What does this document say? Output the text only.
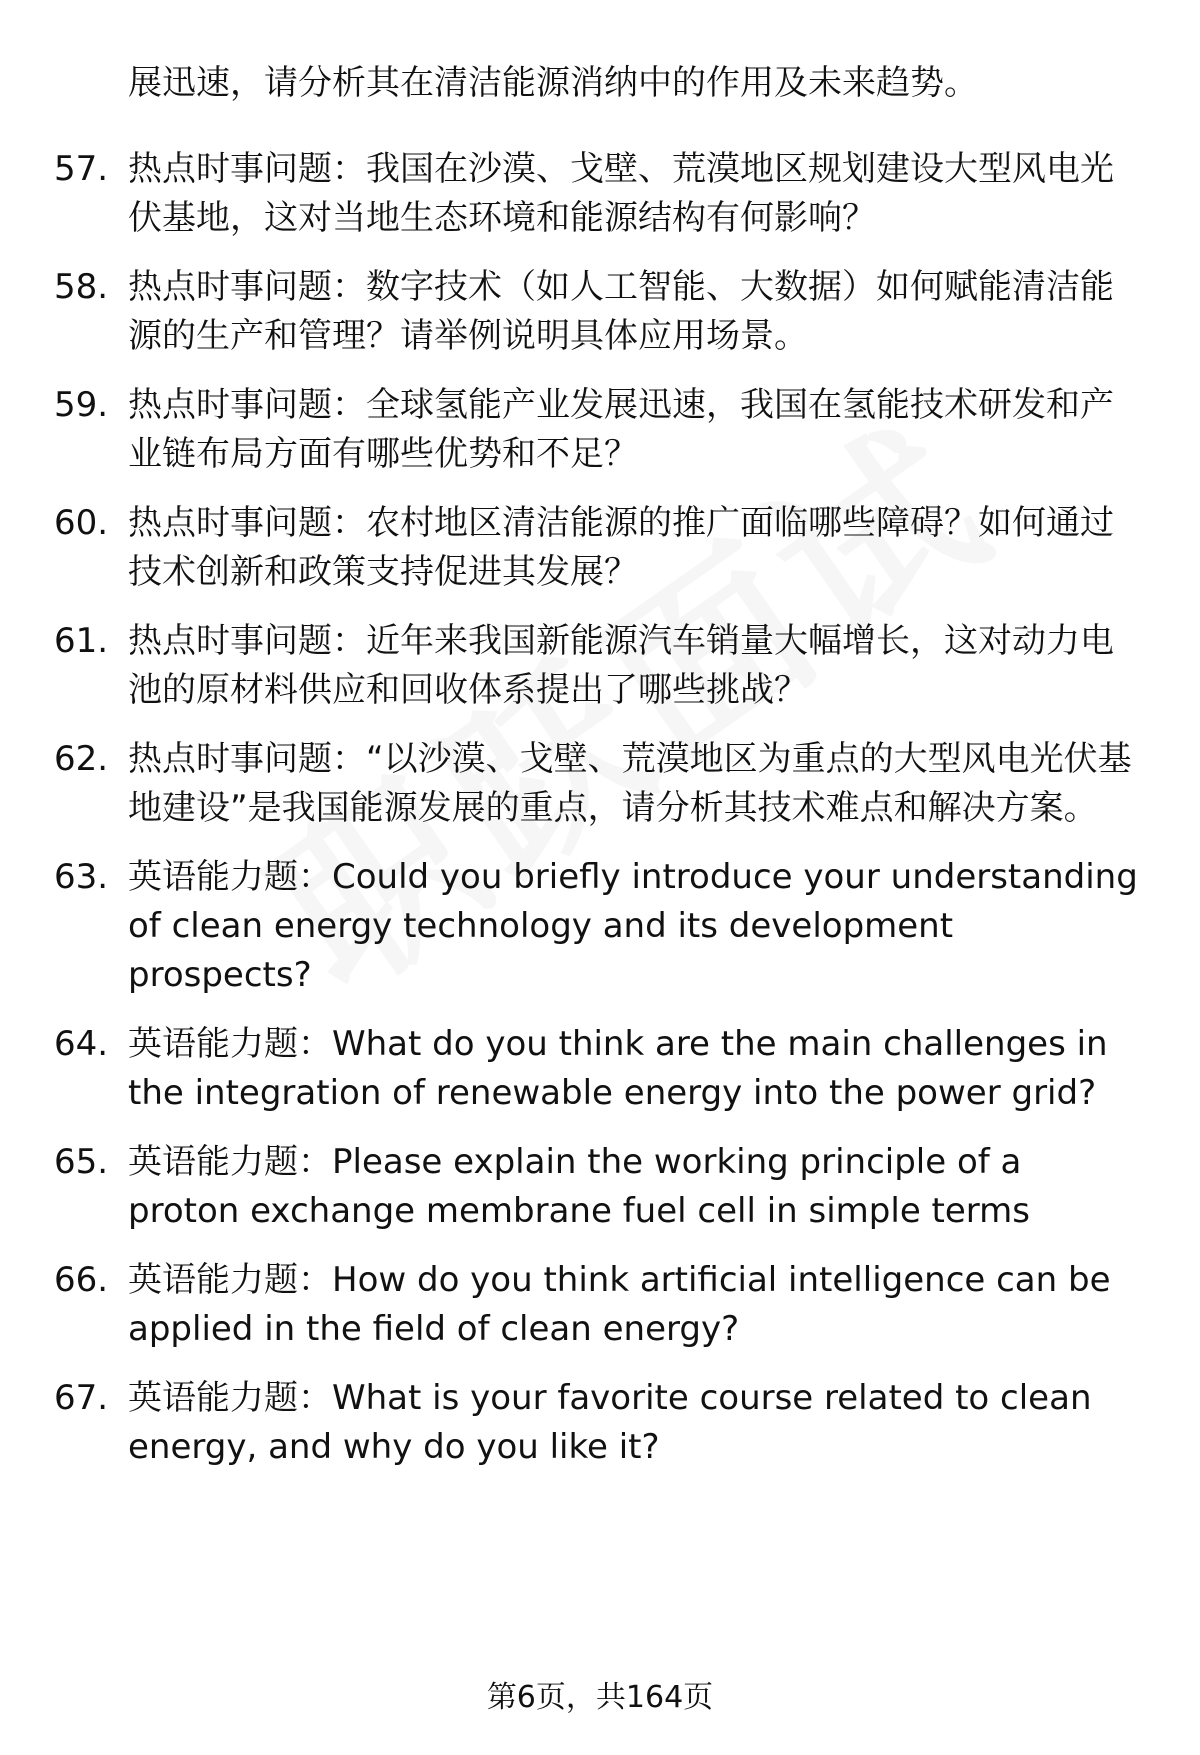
展迅速，请分析其在清洁能源消纳中的作用及未来趋势。
57. 热点时事问题：我国在沙漠、戈壁、荒漠地区规划建设大型风电光伏基地，这对当地生态环境和能源结构有何影响？
58. 热点时事问题：数字技术（如人工智能、大数据）如何赋能清洁能源的生产和管理？请举例说明具体应用场景。
59. 热点时事问题：全球氢能产业发展迅速，我国在氢能技术研发和产业链布局方面有哪些优势和不足？
60. 热点时事问题：农村地区清洁能源的推广面临哪些障碍？如何通过技术创新和政策支持促进其发展？
61. 热点时事问题：近年来我国新能源汽车销量大幅增长，这对动力电池的原材料供应和回收体系提出了哪些挑战？
62. 热点时事问题：“以沙漠、戈壁、荒漠地区为重点的大型风电光伏基地建设”是我国能源发展的重点，请分析其技术难点和解决方案。
63. 英语能力题：Could you briefly introduce your understanding of clean energy technology and its development prospects?
64. 英语能力题：What do you think are the main challenges in the integration of renewable energy into the power grid?
65. 英语能力题：Please explain the working principle of a proton exchange membrane fuel cell in simple terms
66. 英语能力题：How do you think artificial intelligence can be applied in the field of clean energy?
67. 英语能力题：What is your favorite course related to clean energy, and why do you like it?
第6页，共164页
